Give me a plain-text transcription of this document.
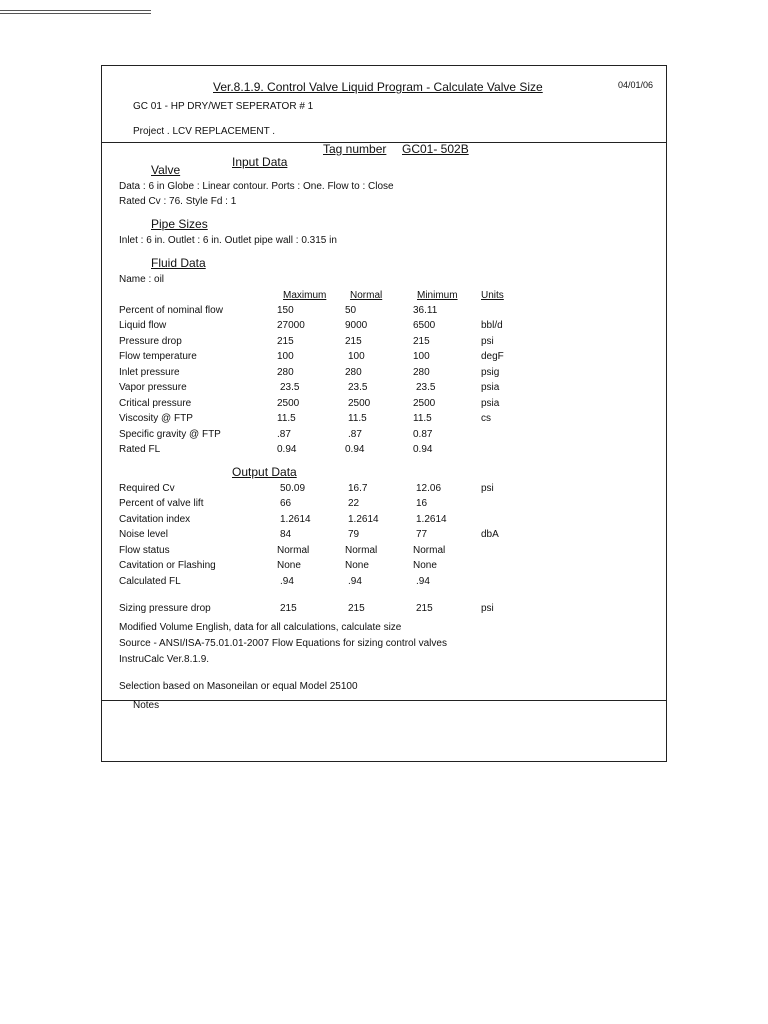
Ver.8.1.9. Control Valve Liquid Program - Calculate Valve Size	04/01/06
GC 01 - HP DRY/WET SEPERATOR # 1
Project . LCV REPLACEMENT .
Tag number GC01- 502B
Input Data
Valve
Data : 6 in Globe : Linear contour. Ports : One. Flow to : Close
Rated Cv : 76. Style Fd : 1
Pipe Sizes
Inlet : 6 in. Outlet : 6 in. Outlet pipe wall : 0.315 in
Fluid Data
Name : oil
Maximum Normal	Minimum Units
Percent of nominal flow	150	50	36.11
Liquid flow	27000	9000	6500	bbl/d
Pressure drop	215	215	215	psi
Flow temperature	100	100	100	degF
Inlet pressure	280	280	280	psig
Vapor pressure	23.5	23.5	23.5	psia
Critical pressure	2500	2500	2500	psia
Viscosity @ FTP	11.5	11.5	11.5	cs
Specific gravity @ FTP	.87	.87	0.87
Rated FL	0.94	0.94	0.94
Output Data
Required Cv	50.09	16.7	12.06	psi
Percent of valve lift	66	22	16
Cavitation index	1.2614	1.2614	1.2614
Noise level	84	79	77	dbA
Flow status	Normal	Normal	Normal
Cavitation or Flashing	None	None	None
Calculated FL	.94	.94	.94
Sizing pressure drop	215	215	215	psi
Modified Volume English, data for all calculations, calculate size
Source - ANSI/ISA-75.01.01-2007 Flow Equations for sizing control valves
InstruCalc Ver.8.1.9.
Selection based on Masoneilan or equal Model 25100
Notes
